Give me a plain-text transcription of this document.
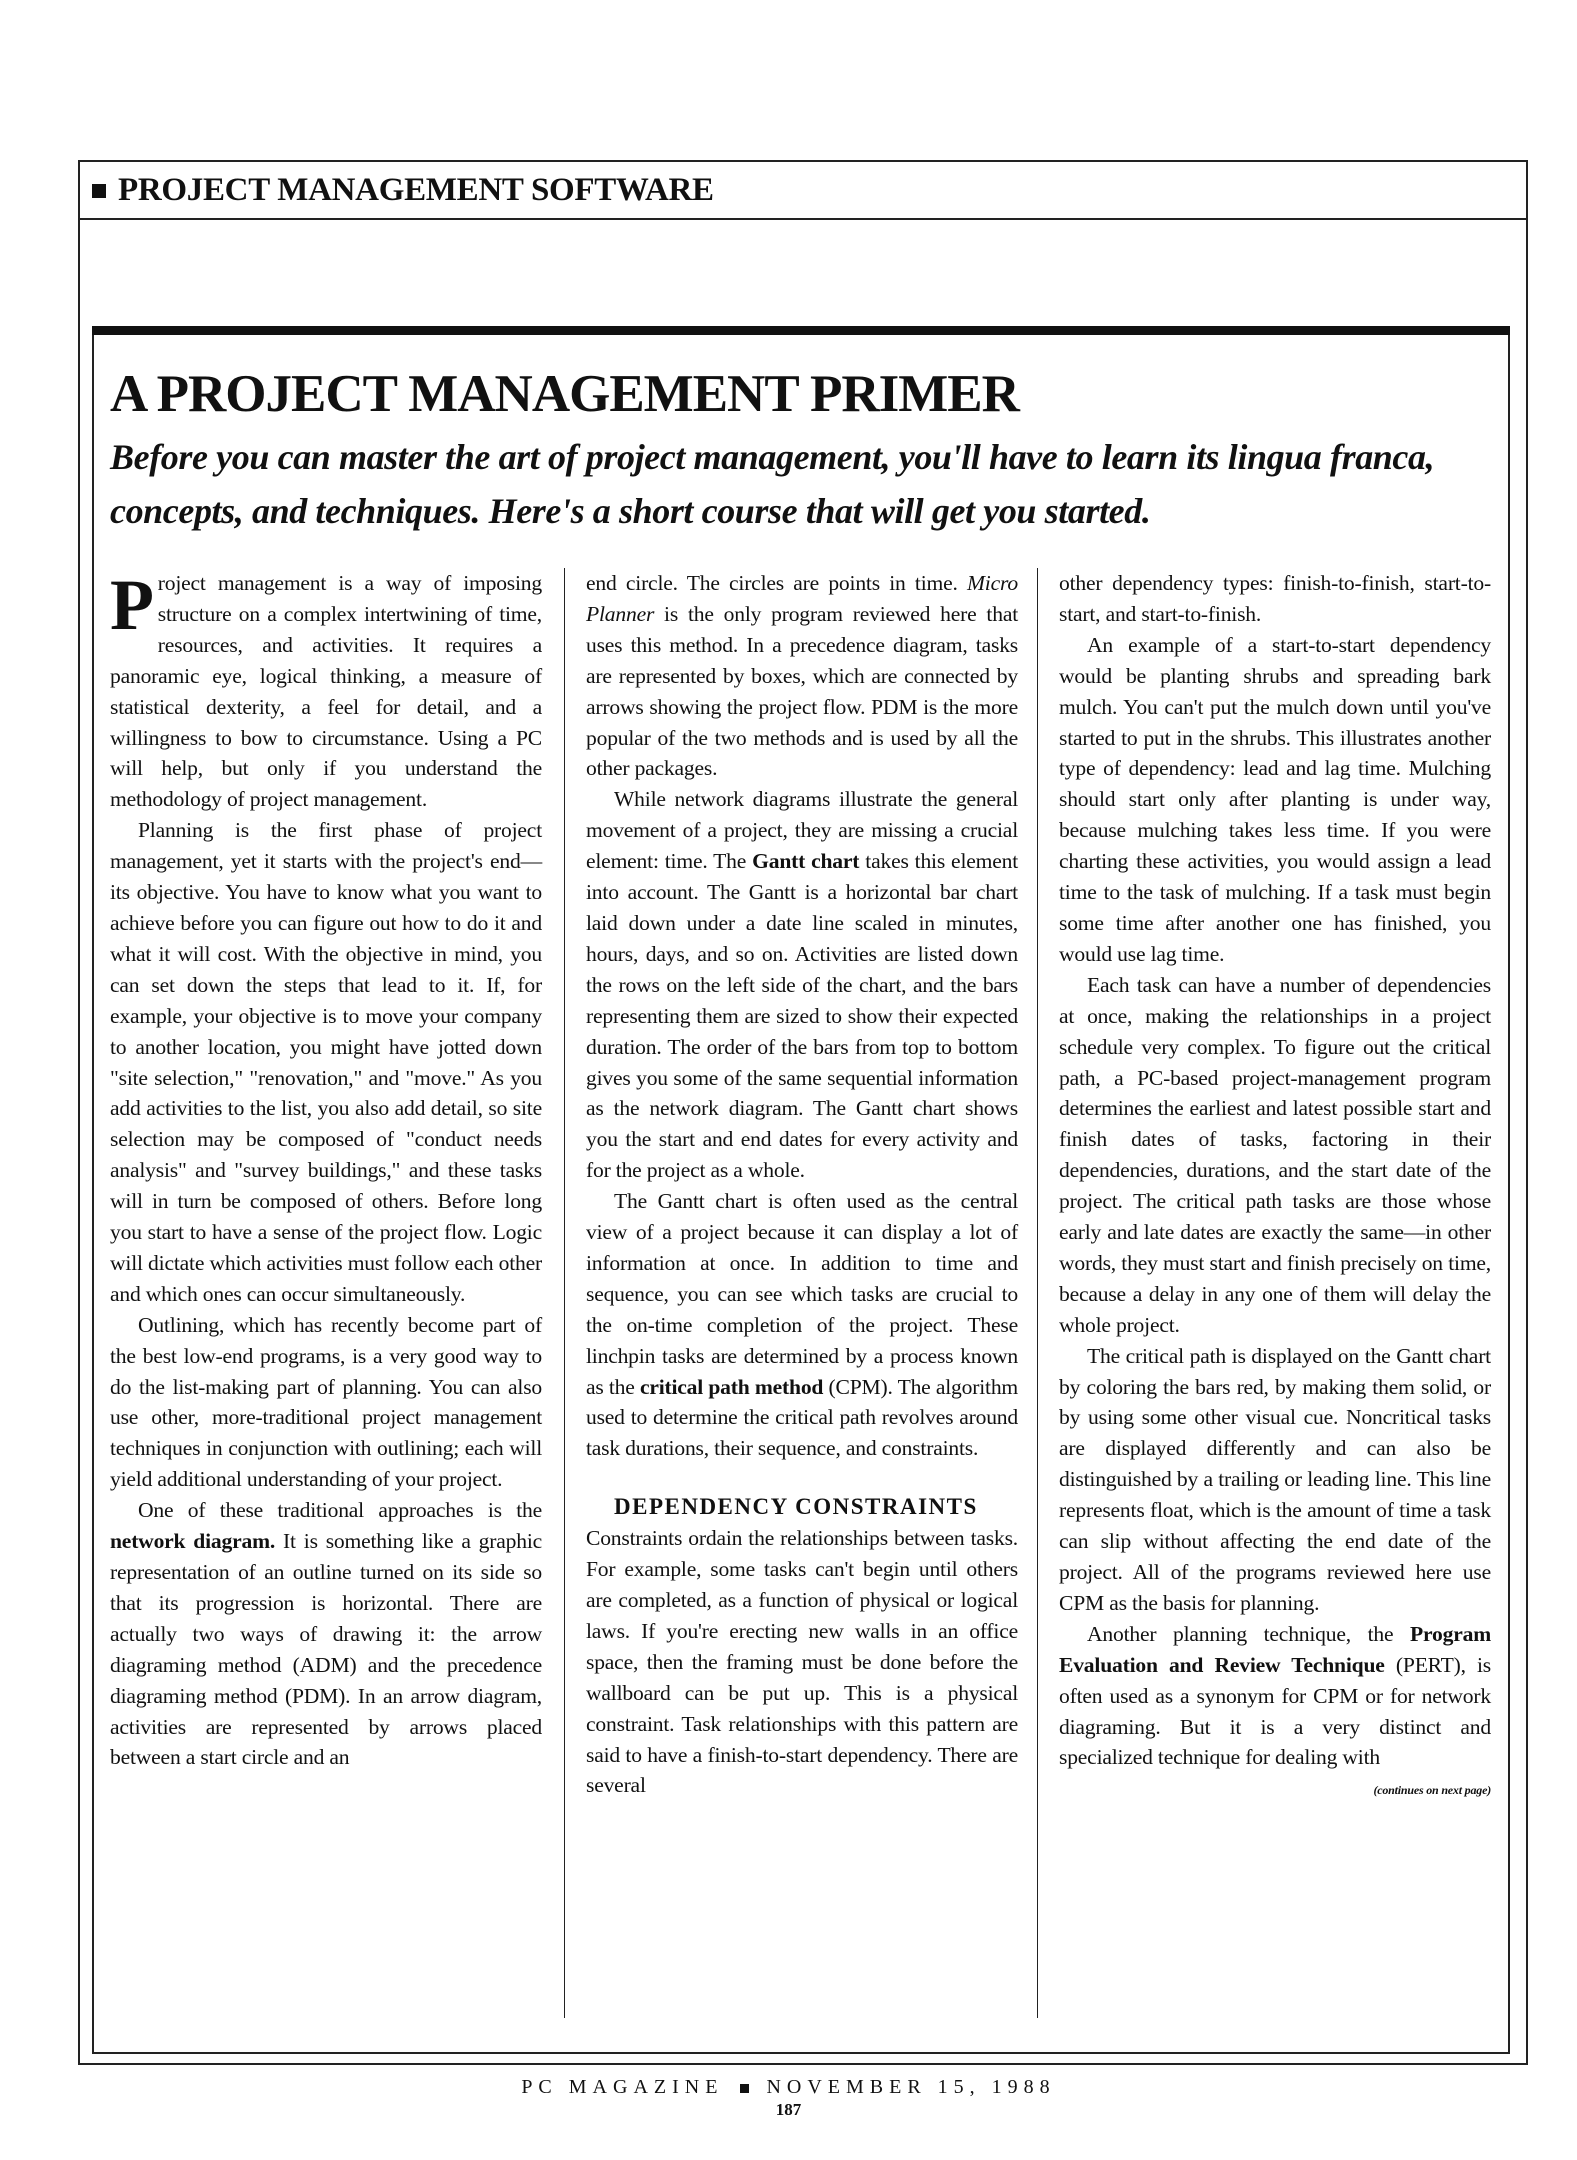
PROJECT MANAGEMENT SOFTWARE
A PROJECT MANAGEMENT PRIMER
Before you can master the art of project management, you'll have to learn its lingua franca, concepts, and techniques. Here's a short course that will get you started.

Project management is a way of imposing structure on a complex intertwining of time, resources, and activities. It requires a panoramic eye, logical thinking, a measure of statistical dexterity, a feel for detail, and a willingness to bow to circumstance. Using a PC will help, but only if you understand the methodology of project management.

Planning is the first phase of project management, yet it starts with the project's end—its objective. You have to know what you want to achieve before you can figure out how to do it and what it will cost. With the objective in mind, you can set down the steps that lead to it. If, for example, your objective is to move your company to another location, you might have jotted down "site selection," "renovation," and "move." As you add activities to the list, you also add detail, so site selection may be composed of "conduct needs analysis" and "survey buildings," and these tasks will in turn be composed of others. Before long you start to have a sense of the project flow. Logic will dictate which activities must follow each other and which ones can occur simultaneously.

Outlining, which has recently become part of the best low-end programs, is a very good way to do the list-making part of planning. You can also use other, more-traditional project management techniques in conjunction with outlining; each will yield additional understanding of your project.

One of these traditional approaches is the network diagram. It is something like a graphic representation of an outline turned on its side so that its progression is horizontal. There are actually two ways of drawing it: the arrow diagraming method (ADM) and the precedence diagraming method (PDM). In an arrow diagram, activities are represented by arrows placed between a start circle and an

end circle. The circles are points in time. Micro Planner is the only program reviewed here that uses this method. In a precedence diagram, tasks are represented by boxes, which are connected by arrows showing the project flow. PDM is the more popular of the two methods and is used by all the other packages.

While network diagrams illustrate the general movement of a project, they are missing a crucial element: time. The Gantt chart takes this element into account. The Gantt is a horizontal bar chart laid down under a date line scaled in minutes, hours, days, and so on. Activities are listed down the rows on the left side of the chart, and the bars representing them are sized to show their expected duration. The order of the bars from top to bottom gives you some of the same sequential information as the network diagram. The Gantt chart shows you the start and end dates for every activity and for the project as a whole.

The Gantt chart is often used as the central view of a project because it can display a lot of information at once. In addition to time and sequence, you can see which tasks are crucial to the on-time completion of the project. These linchpin tasks are determined by a process known as the critical path method (CPM). The algorithm used to determine the critical path revolves around task durations, their sequence, and constraints.

DEPENDENCY CONSTRAINTS

Constraints ordain the relationships between tasks. For example, some tasks can't begin until others are completed, as a function of physical or logical laws. If you're erecting new walls in an office space, then the framing must be done before the wallboard can be put up. This is a physical constraint. Task relationships with this pattern are said to have a finish-to-start dependency. There are several

other dependency types: finish-to-finish, start-to-start, and start-to-finish.

An example of a start-to-start dependency would be planting shrubs and spreading bark mulch. You can't put the mulch down until you've started to put in the shrubs. This illustrates another type of dependency: lead and lag time. Mulching should start only after planting is under way, because mulching takes less time. If you were charting these activities, you would assign a lead time to the task of mulching. If a task must begin some time after another one has finished, you would use lag time.

Each task can have a number of dependencies at once, making the relationships in a project schedule very complex. To figure out the critical path, a PC-based project-management program determines the earliest and latest possible start and finish dates of tasks, factoring in their dependencies, durations, and the start date of the project. The critical path tasks are those whose early and late dates are exactly the same—in other words, they must start and finish precisely on time, because a delay in any one of them will delay the whole project.

The critical path is displayed on the Gantt chart by coloring the bars red, by making them solid, or by using some other visual cue. Noncritical tasks are displayed differently and can also be distinguished by a trailing or leading line. This line represents float, which is the amount of time a task can slip without affecting the end date of the project. All of the programs reviewed here use CPM as the basis for planning.

Another planning technique, the Program Evaluation and Review Technique (PERT), is often used as a synonym for CPM or for network diagraming. But it is a very distinct and specialized technique for dealing with

(continues on next page)

PC MAGAZINE NOVEMBER 15, 1988
187
